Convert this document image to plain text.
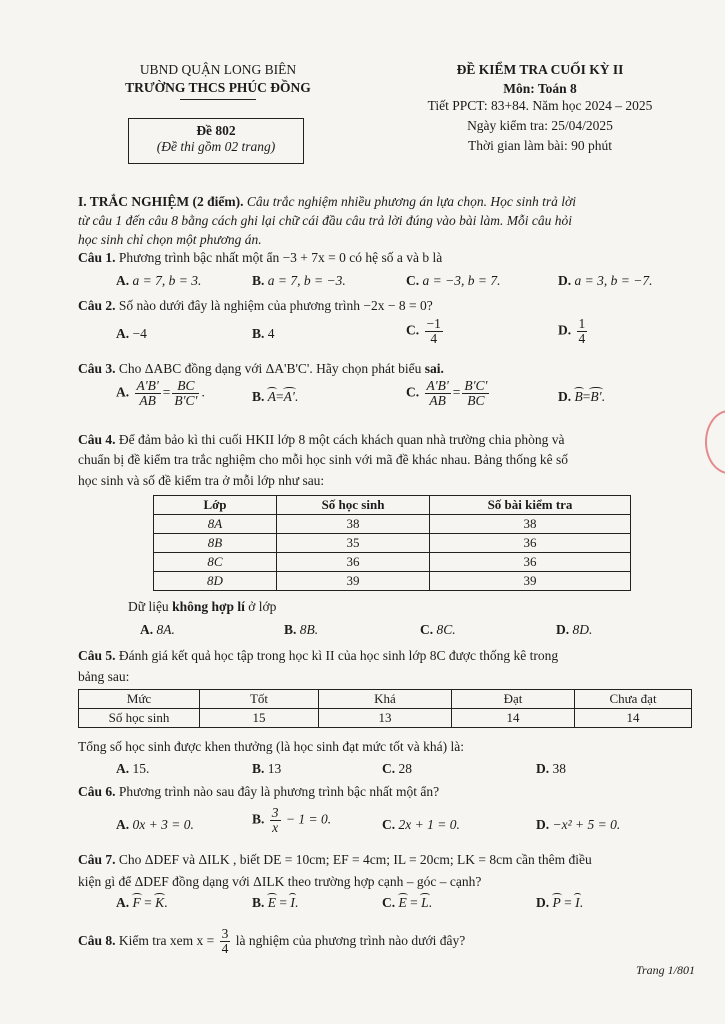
UBND QUẬN LONG BIÊN
TRƯỜNG THCS PHÚC ĐỒNG
Đề 802
(Đề thi gồm 02 trang)
ĐỀ KIỂM TRA CUỐI KỲ II
Môn: Toán 8
Tiết PPCT: 83+84. Năm học 2024 – 2025
Ngày kiểm tra: 25/04/2025
Thời gian làm bài: 90 phút
I. TRẮC NGHIỆM (2 điểm). Câu trắc nghiệm nhiều phương án lựa chọn. Học sinh trả lời
từ câu 1 đến câu 8 bằng cách ghi lại chữ cái đầu câu trả lời đúng vào bài làm. Mỗi câu hỏi
học sinh chỉ chọn một phương án.
Câu 1. Phương trình bậc nhất một ẩn −3 + 7x = 0 có hệ số a và b là
A. a = 7, b = 3.	B. a = 7, b = −3.	C. a = −3, b = 7.	D. a = 3, b = −7.
Câu 2. Số nào dưới đây là nghiệm của phương trình −2x − 8 = 0?
A. −4	B. 4	C. $\frac{-1}{4}$	D. $\frac{1}{4}$
Câu 3. Cho ΔABC đồng dạng với ΔA'B'C'. Hãy chọn phát biểu sai.
A. $\frac{A'B'}{AB} = \frac{BC}{B'C'}$ .	B. A=A'.	C. $\frac{A'B'}{AB} = \frac{B'C'}{BC}$	D. B=B'.
Câu 4. Để đảm bảo kì thi cuối HKII lớp 8 một cách khách quan nhà trường chia phòng và
chuẩn bị đề kiểm tra trắc nghiệm cho mỗi học sinh với mã đề khác nhau. Bảng thống kê số
học sinh và số đề kiểm tra ở mỗi lớp như sau:
Lớp	Số học sinh	Số bài kiểm tra
8A	38	38
8B	35	36
8C	36	36
8D	39	39
Dữ liệu không hợp lí ở lớp
A. 8A.	B. 8B.	C. 8C.	D. 8D.
Câu 5. Đánh giá kết quả học tập trong học kì II của học sinh lớp 8C được thống kê trong
bảng sau:
Mức	Tốt	Khá	Đạt	Chưa đạt
Số học sinh	15	13	14	14
Tổng số học sinh được khen thưởng (là học sinh đạt mức tốt và khá) là:
A. 15.	B. 13	C. 28	D. 38
Câu 6. Phương trình nào sau đây là phương trình bậc nhất một ẩn?
A. 0x + 3 = 0.	B. $\frac{3}{x} - 1 = 0$.	C. 2x + 1 = 0.	D. −x² + 5 = 0.
Câu 7. Cho ΔDEF và ΔILK , biết DE = 10cm; EF = 4cm; IL = 20cm; LK = 8cm cần thêm điều
kiện gì để ΔDEF đồng dạng với ΔILK theo trường hợp cạnh – góc – cạnh?
A. F = K.	B. E = I.	C. E = L.	D. P = I.
Câu 8. Kiểm tra xem $x = \frac{3}{4}$ là nghiệm của phương trình nào dưới đây?
Trang 1/801
